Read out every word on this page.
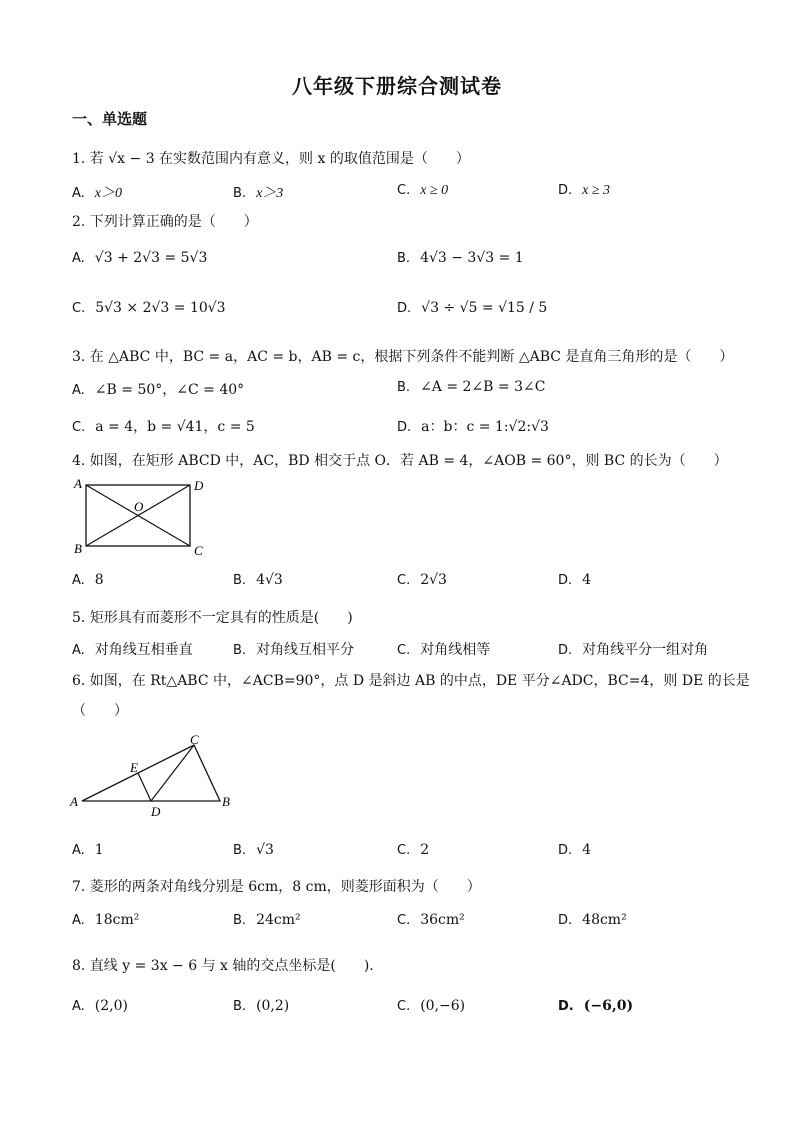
八年级下册综合测试卷
一、单选题
1. 若 √x − 3 在实数范围内有意义，则 x 的取值范围是（　　）
A. x＞0	B. x＞3	C. x ≥ 0	D. x ≥ 3
2. 下列计算正确的是（　　）
A. √3 + 2√3 = 5√3	B. 4√3 − 3√3 = 1
C. 5√3 × 2√3 = 10√3	D. √3 ÷ √5 = √15 / 5
3. 在 △ABC 中，BC = a，AC = b，AB = c，根据下列条件不能判断 △ABC 是直角三角形的是（　　）
A. ∠B = 50°，∠C = 40°	B. ∠A = 2∠B = 3∠C
C. a = 4，b = √41，c = 5	D. a：b：c = 1:√2:√3
4. 如图，在矩形 ABCD 中，AC，BD 相交于点 O．若 AB = 4，∠AOB = 60°，则 BC 的长为（　　）
A	D
B	C
O
A. 8	B. 4√3	C. 2√3	D. 4
5. 矩形具有而菱形不一定具有的性质是(　　)
A. 对角线互相垂直	B. 对角线互相平分	C. 对角线相等	D. 对角线平分一组对角
6. 如图，在 Rt△ABC 中，∠ACB=90°，点 D 是斜边 AB 的中点，DE 平分∠ADC，BC=4，则 DE 的长是
（　　）
A	B
C
D
E
A. 1	B. √3	C. 2	D. 4
7. 菱形的两条对角线分别是 6cm，8 cm，则菱形面积为（　　）
A. 18cm²	B. 24cm²	C. 36cm²	D. 48cm²
8. 直线 y = 3x − 6 与 x 轴的交点坐标是(　　).
A. (2,0)	B. (0,2)	C. (0,−6)	D. (−6,0)
